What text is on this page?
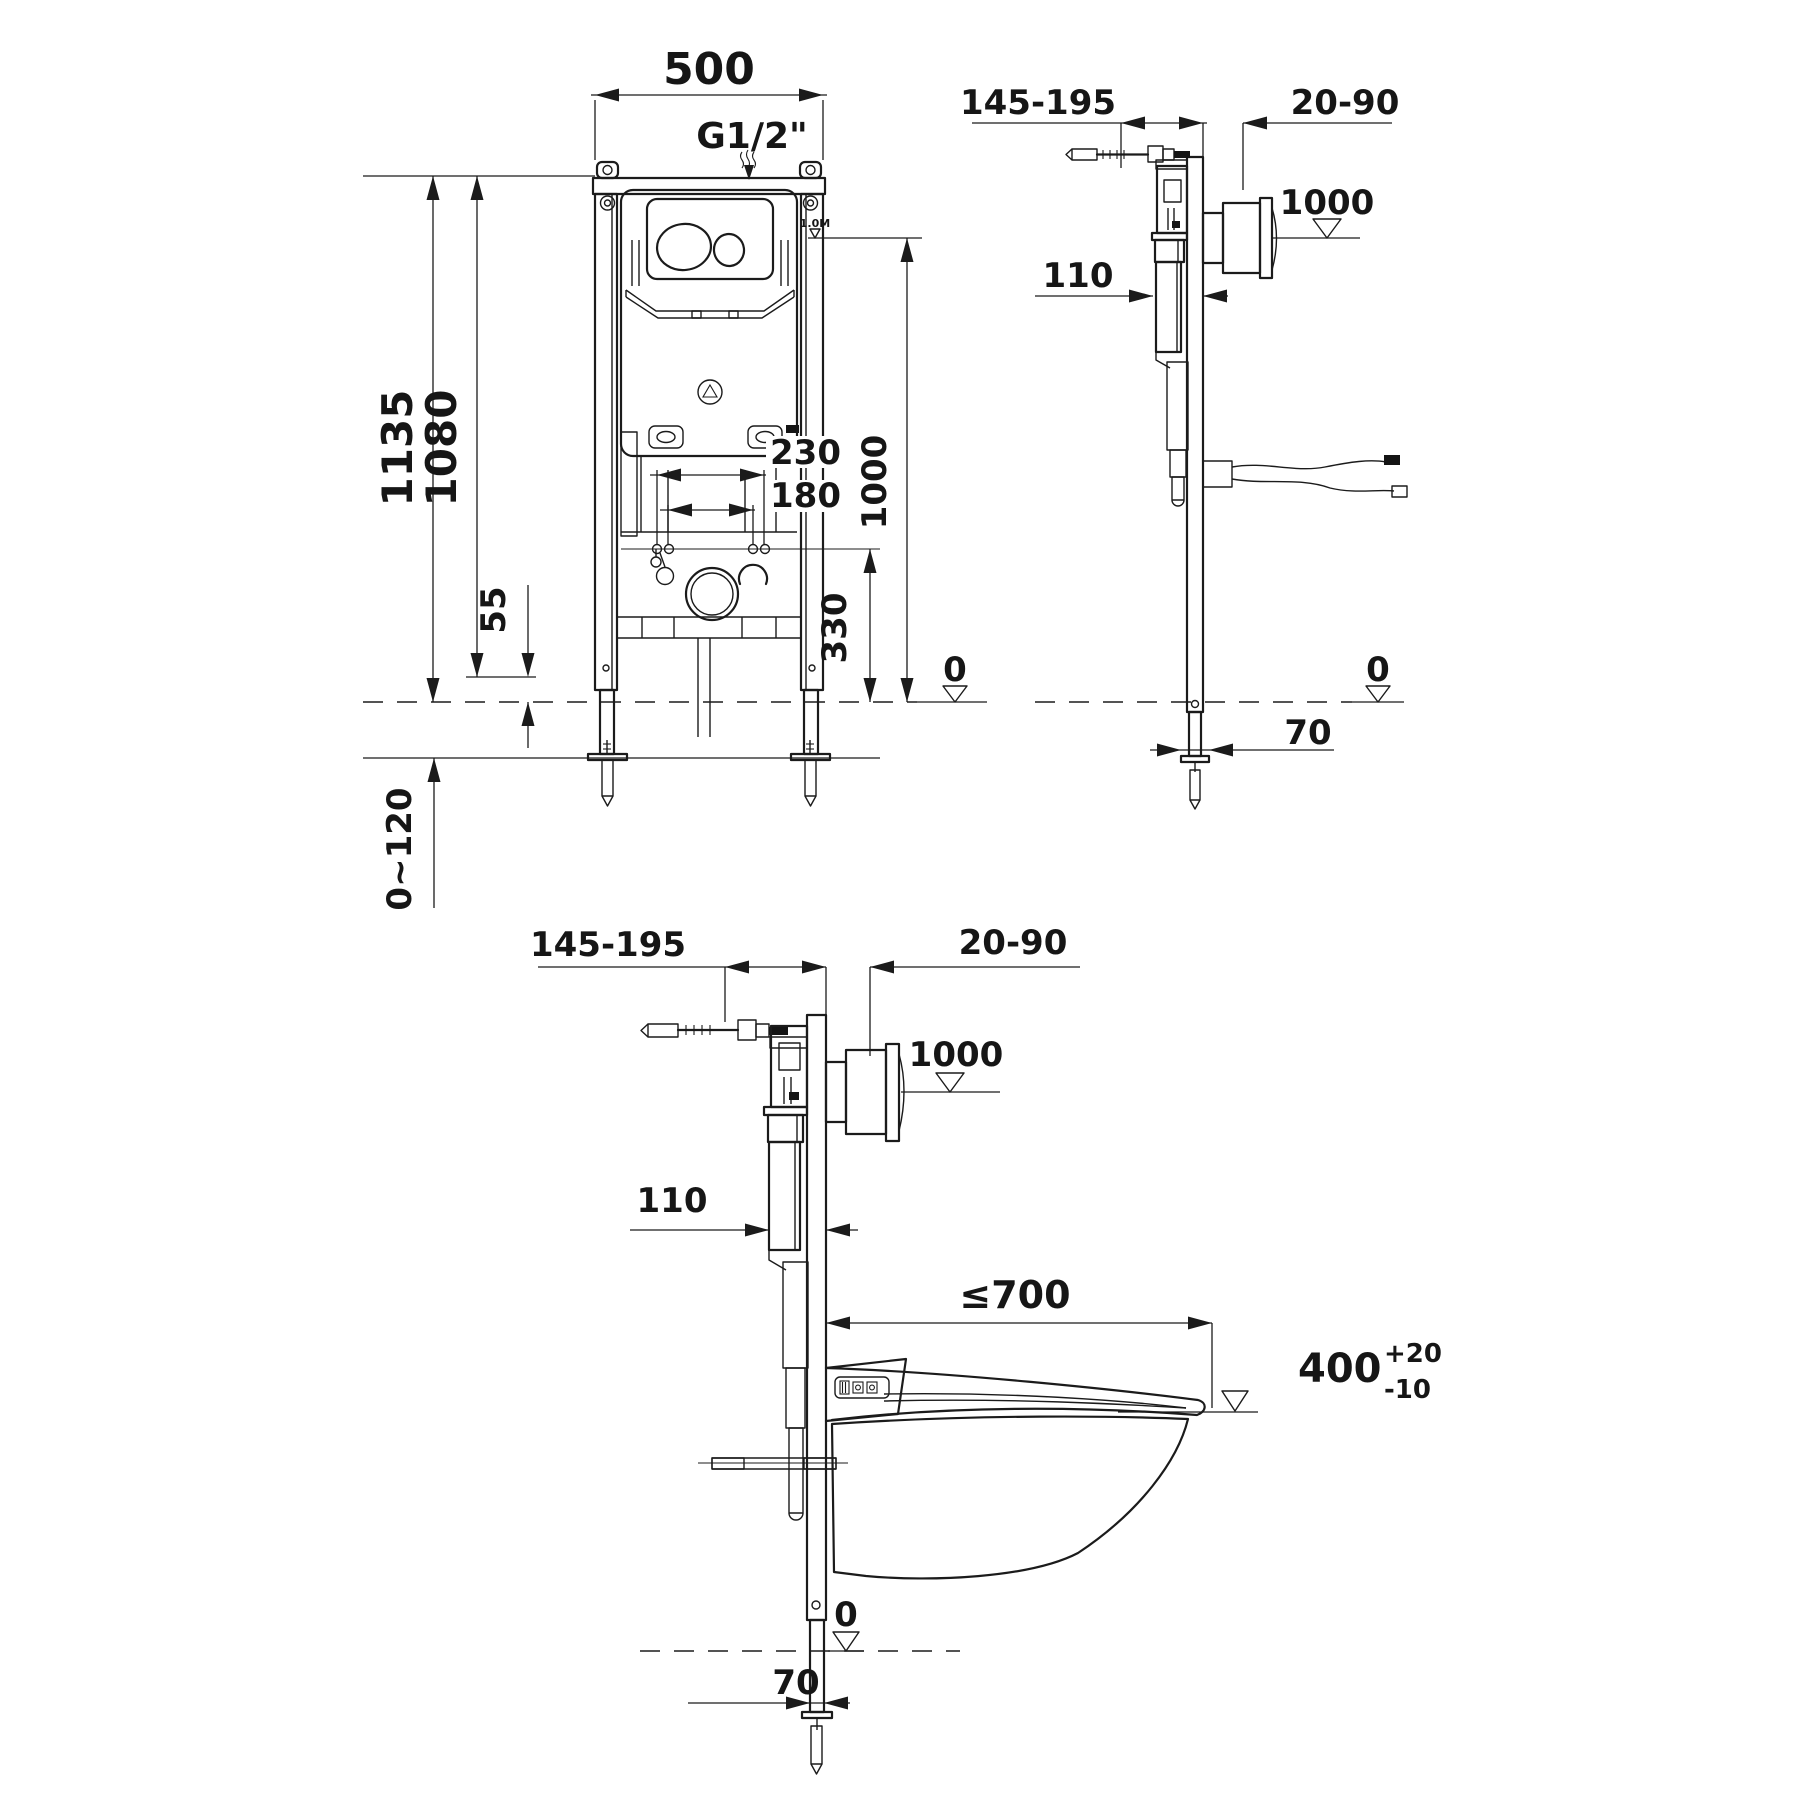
500
G1/2"
1135
1080	230
180 1000
330
55
0~120
0
1.0M
145-195	20-90
1000
110
0
70
145-195	20-90
1000
110
≤700
400 +20
-10
0
70
